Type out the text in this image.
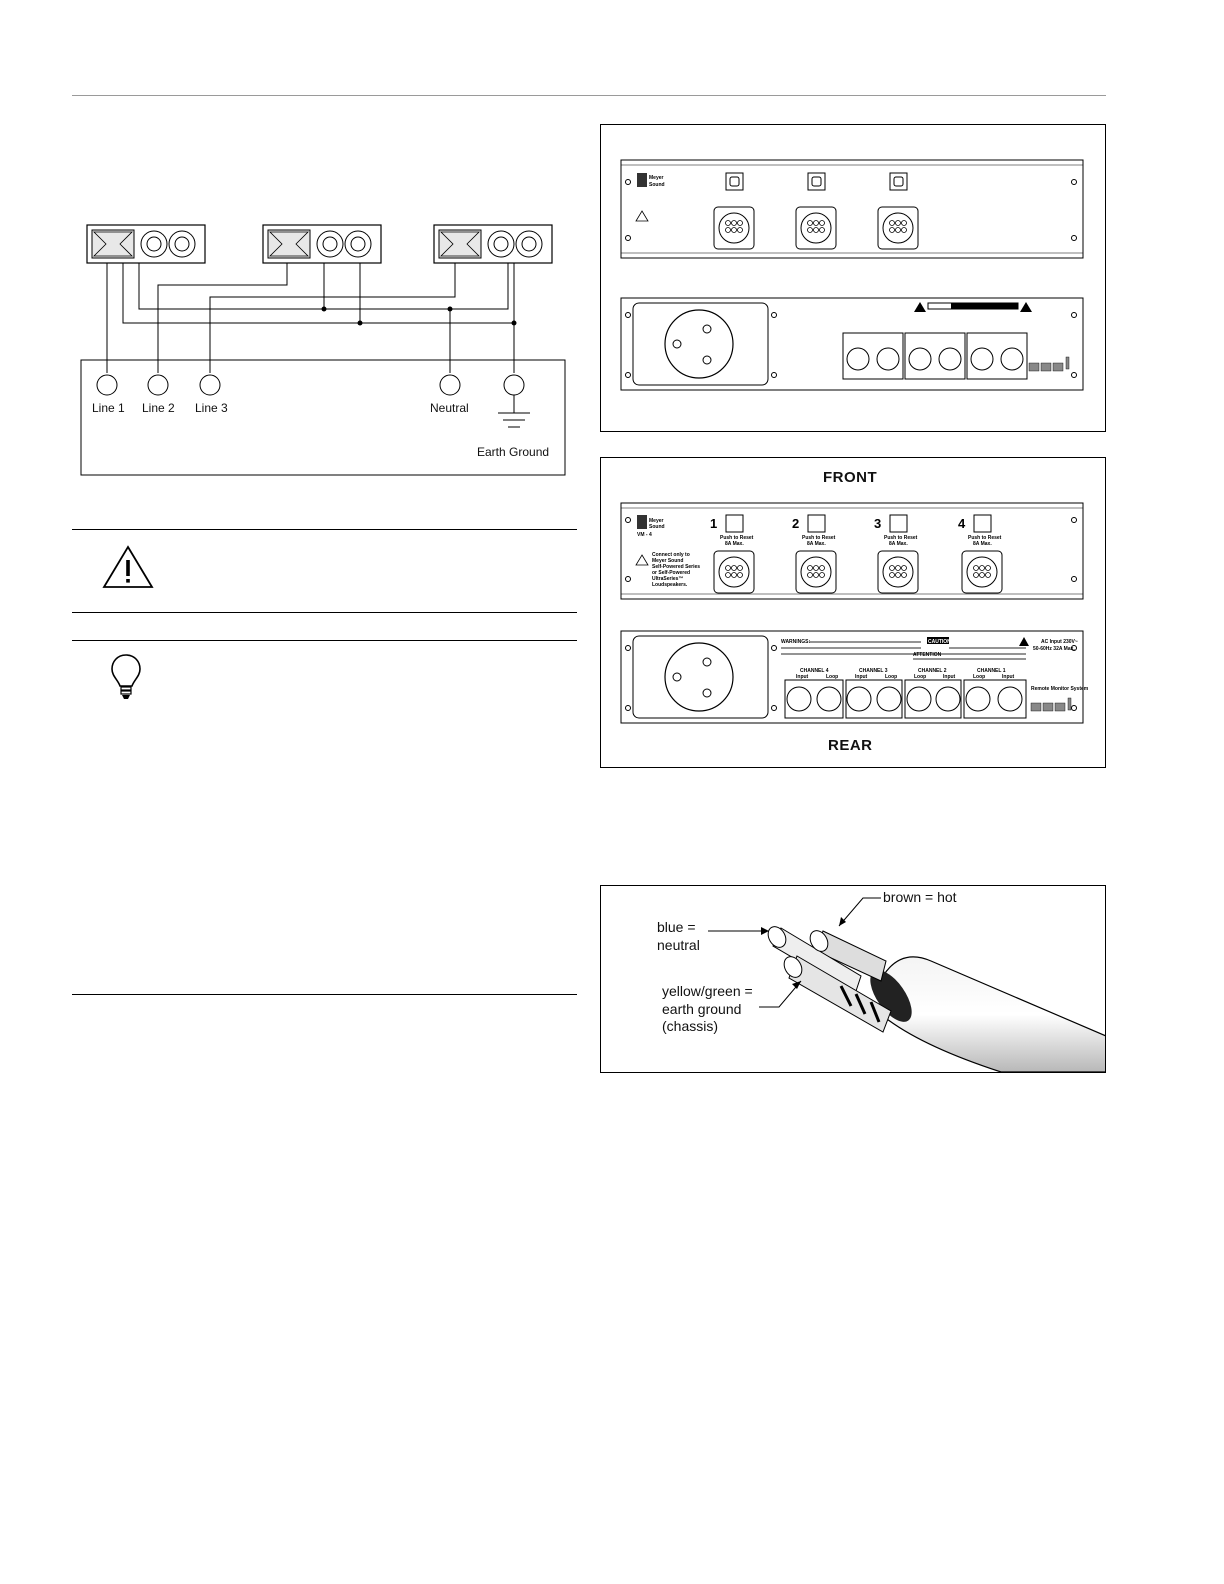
Line 1 Line 2 Line 3	Neutral
Earth Ground
Meyer
Sound
FRONT
REAR
Meyer
Sound
VM - 4
Connect only to
Meyer Sound
Self-Powered Series
or Self-Powered
UltraSeries™
Loudspeakers.
1	2	3	4
Push to Reset
8A Max.
Push to Reset
8A Max.
Push to Reset
8A Max.
Push to Reset
8A Max.
WARNINGS:	CAUTION
ATTENTION
AC Input 230V~
50-60Hz 32A Max.
CHANNEL 4	CHANNEL 3	CHANNEL 2	CHANNEL 1
Input	Loop	Input	Loop	Loop	Input	Loop	Input
Remote Monitor System
brown = hot
blue =
neutral
yellow/green =
earth ground
(chassis)
